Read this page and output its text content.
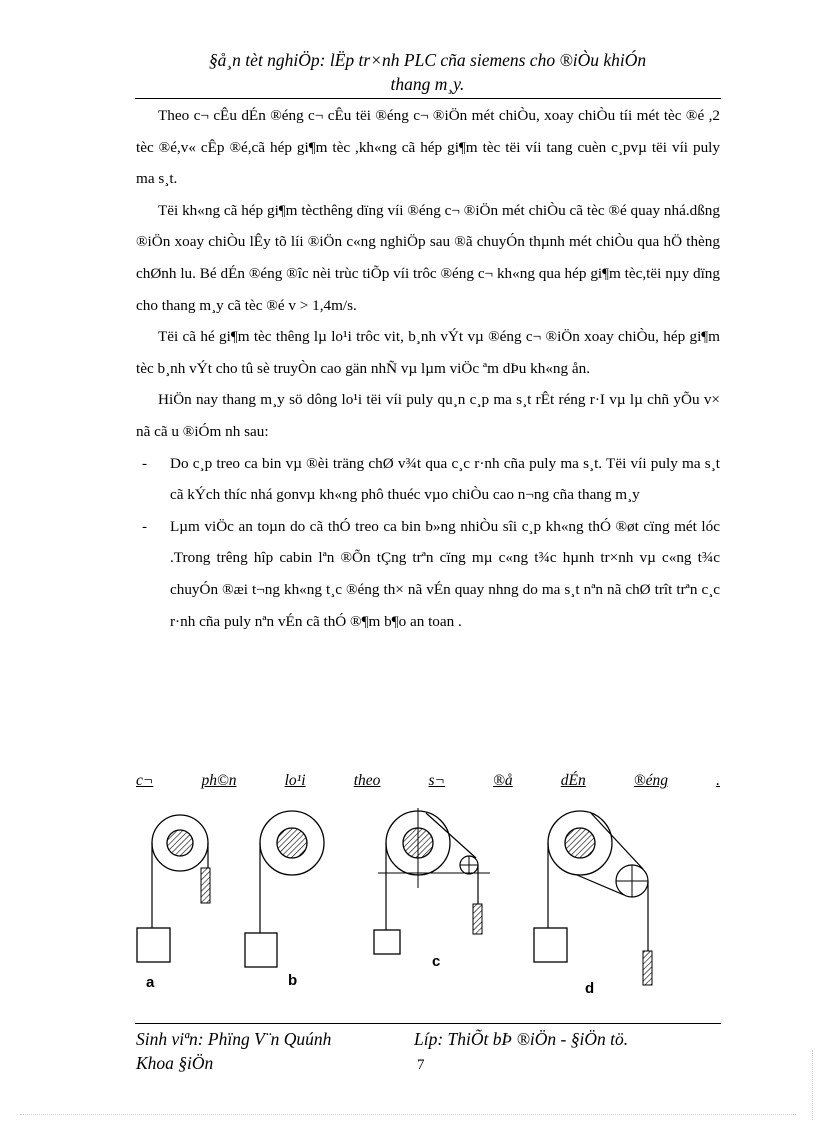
§å¸n tèt nghiÖp: lËp tr×nh PLC cña siemens cho ®iÒu khiÓn
thang m¸y.

Theo c¬ cÊu dÉn ®éng c¬ cÊu tëi ®éng c¬ ®iÖn mét chiÒu, xoay chiÒu tíi mét tèc ®é ,2 tèc ®é,v« cÊp ®é,cã hép gi¶m tèc ,kh«ng cã hép gi¶m tèc tëi víi tang cuèn c¸pvµ tëi víi puly ma s¸t.

Tëi kh«ng cã hép gi¶m tècthêng dïng víi ®éng c¬ ®iÖn mét chiÒu cã tèc ®é quay nhá.dßng ®iÖn xoay chiÒu lÊy tõ líi ®iÖn c«ng nghiÖp sau ®ã chuyÓn thµnh mét chiÒu qua hÖ thèng chØnh lu. Bé dÉn ®éng ®îc nèi trùc tiÕp víi trôc ®éng c¬ kh«ng qua hép gi¶m tèc,tëi nµy dïng cho thang m¸y cã tèc ®é v > 1,4m/s.

Tëi cã hé gi¶m tèc thêng lµ lo¹i trôc vit, b¸nh vÝt vµ ®éng c¬ ®iÖn xoay chiÒu, hép gi¶m tèc b¸nh vÝt cho tû sè truyÒn cao gän nhÑ vµ lµm viÖc ªm dÞu kh«ng ån.

HiÖn nay thang m¸y sö dông lo¹i tëi víi puly qu¸n c¸p ma s¸t rÊt réng r·I vµ lµ chñ yÕu v× nã cã u ®iÓm nh sau:

- Do c¸p treo ca bin vµ ®èi träng chØ v¾t qua c¸c r·nh cña puly ma s¸t. Tëi víi puly ma s¸t cã kÝch thíc nhá gonvµ kh«ng phô thuéc vµo chiÒu cao n¬ng cña thang m¸y
- Lµm viÖc an toµn do cã thÓ treo ca bin b»ng nhiÒu sîi c¸p kh«ng thÓ ®øt cïng mét lóc .Trong trêng hîp cabin lªn ®Õn tÇng trªn cïng mµ c«ng t¾c hµnh tr×nh vµ c«ng t¾c chuyÓn ®æi t¬ng kh«ng t¸c ®éng th× nã vÉn quay nhng do ma s¸t nªn nã chØ trît trªn c¸c r·nh cña puly nªn vÉn cã thÓ ®¶m b¶o an toan .
c¬	ph©n	lo¹i	theo	s¬	®å	dÉn	®éng	.
a	b
c
d
Sinh viªn: Phïng V¨n Quúnh	Líp: ThiÕt bÞ ®iÖn - §iÖn tö.
Khoa §iÖn	7
